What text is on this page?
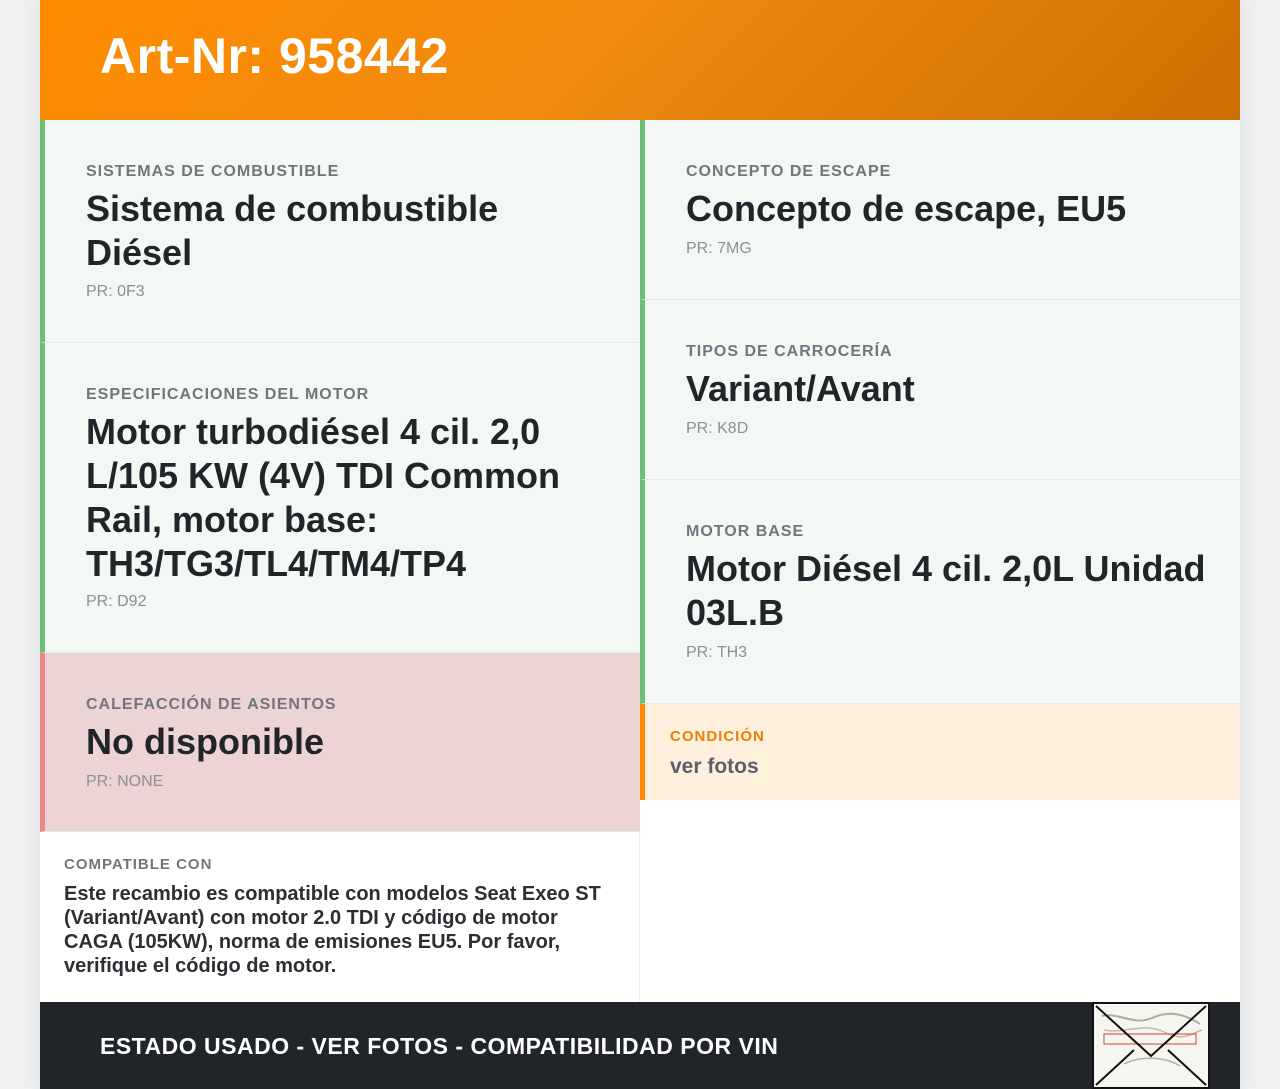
Art-Nr: 958442
SISTEMAS DE COMBUSTIBLE
Sistema de combustible Diésel
PR: 0F3
ESPECIFICACIONES DEL MOTOR
Motor turbodiésel 4 cil. 2,0 L/105 KW (4V) TDI Common Rail, motor base: TH3/TG3/TL4/TM4/TP4
PR: D92
CALEFACCIÓN DE ASIENTOS
No disponible
PR: NONE
CONCEPTO DE ESCAPE
Concepto de escape, EU5
PR: 7MG
TIPOS DE CARROCERÍA
Variant/Avant
PR: K8D
MOTOR BASE
Motor Diésel 4 cil. 2,0L Unidad 03L.B
PR: TH3
CONDICIÓN
ver fotos
COMPATIBLE CON
Este recambio es compatible con modelos Seat Exeo ST (Variant/Avant) con motor 2.0 TDI y código de motor CAGA (105KW), norma de emisiones EU5. Por favor, verifique el código de motor.
ESTADO USADO - VER FOTOS - COMPATIBILIDAD POR VIN
